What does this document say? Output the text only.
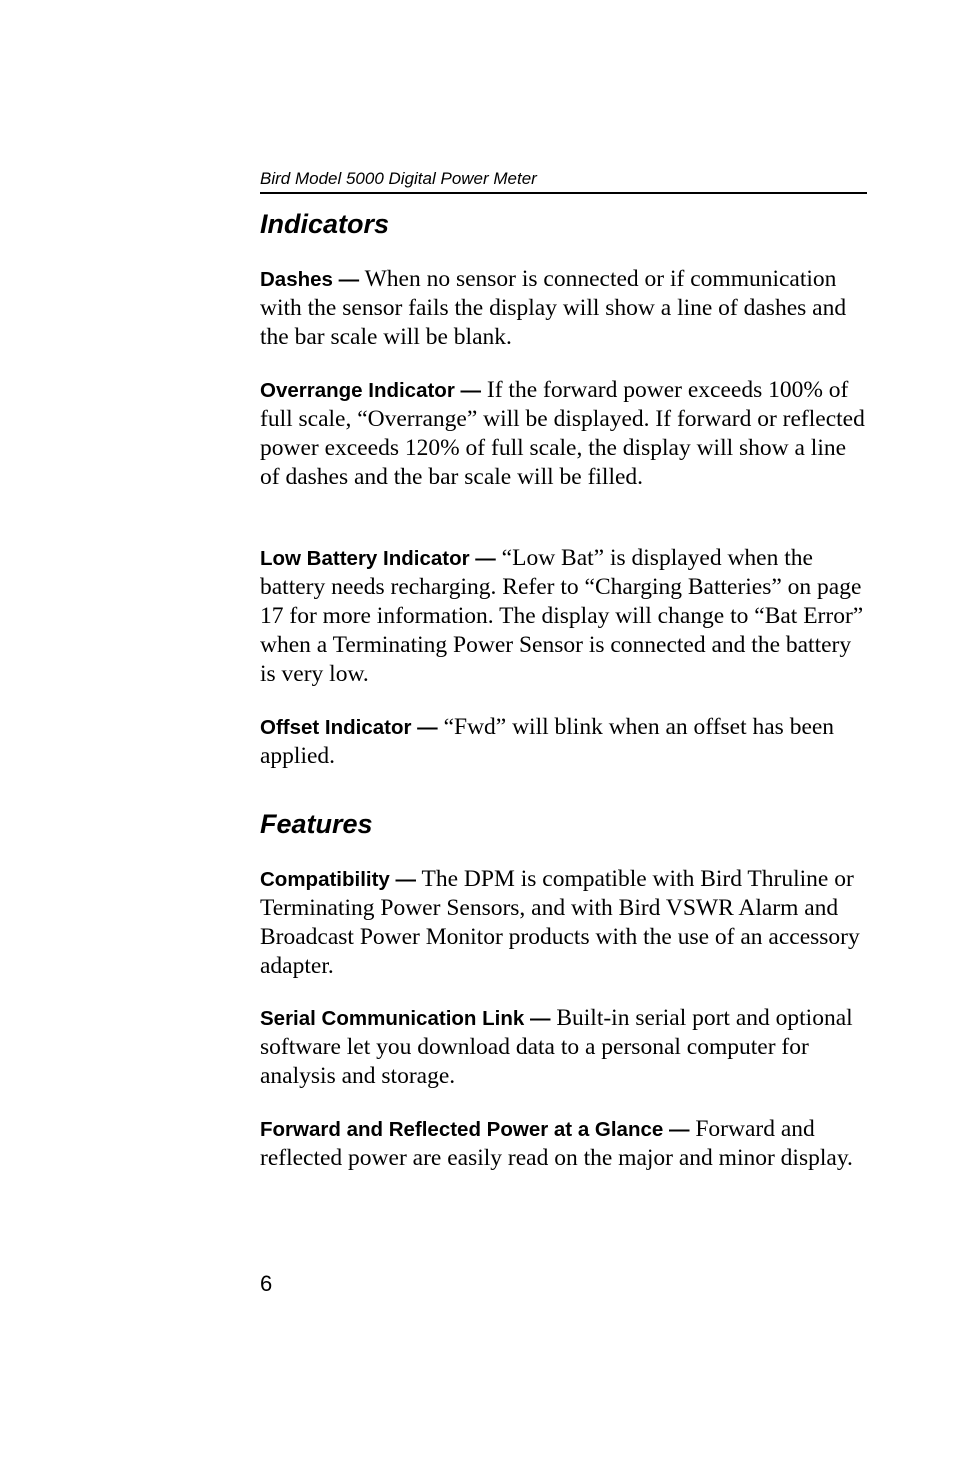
Bird Model 5000 Digital Power Meter
Indicators

Dashes — When no sensor is connected or if communication with the sensor fails the display will show a line of dashes and the bar scale will be blank.

Overrange Indicator — If the forward power exceeds 100% of full scale, “Overrange” will be displayed. If forward or reflected power exceeds 120% of full scale, the display will show a line of dashes and the bar scale will be filled.

Low Battery Indicator — “Low Bat” is displayed when the battery needs recharging. Refer to “Charging Batteries” on page 17 for more information. The display will change to “Bat Error” when a Terminating Power Sensor is connected and the battery is very low.

Offset Indicator — “Fwd” will blink when an offset has been applied.

Features

Compatibility — The DPM is compatible with Bird Thruline or Terminating Power Sensors, and with Bird VSWR Alarm and Broadcast Power Monitor products with the use of an accessory adapter.

Serial Communication Link — Built-in serial port and optional software let you download data to a personal computer for analysis and storage.

Forward and Reflected Power at a Glance — Forward and reflected power are easily read on the major and minor display.

6
